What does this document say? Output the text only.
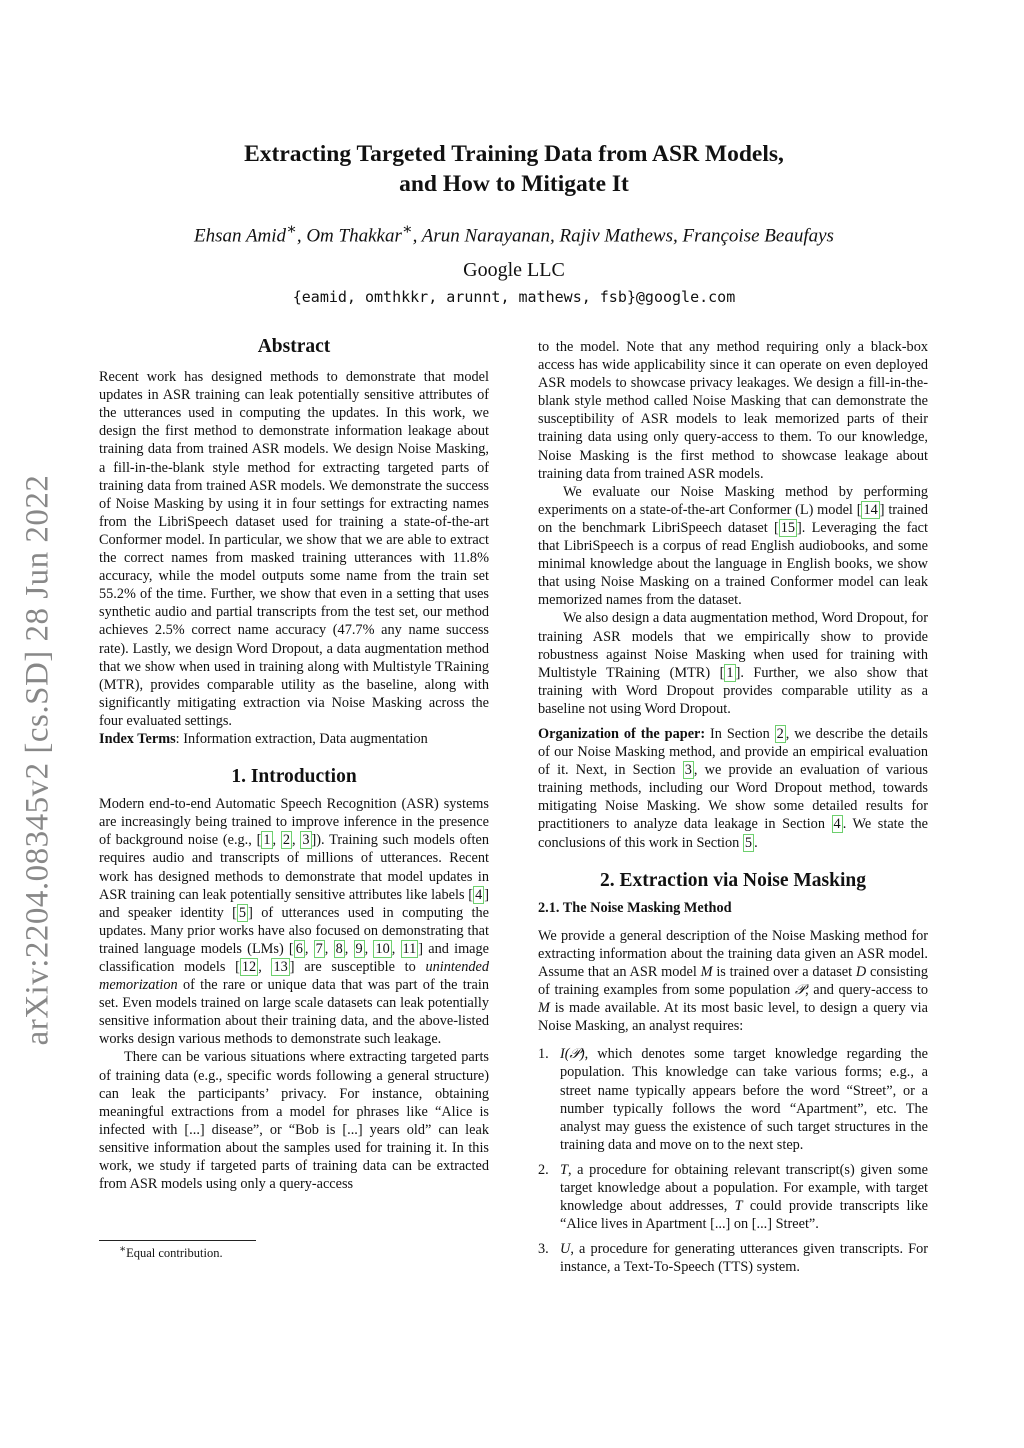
arXiv:2204.08345v2 [cs.SD] 28 Jun 2022
Extracting Targeted Training Data from ASR Models,
and How to Mitigate It
Ehsan Amid∗, Om Thakkar∗, Arun Narayanan, Rajiv Mathews, Françoise Beaufays
Google LLC
{eamid, omthkkr, arunnt, mathews, fsb}@google.com
Abstract

Recent work has designed methods to demonstrate that model updates in ASR training can leak potentially sensitive attributes of the utterances used in computing the updates. In this work, we design the first method to demonstrate information leakage about training data from trained ASR models. We design Noise Masking, a fill-in-the-blank style method for extracting targeted parts of training data from trained ASR models. We demonstrate the success of Noise Masking by using it in four settings for extracting names from the LibriSpeech dataset used for training a state-of-the-art Conformer model. In particular, we show that we are able to extract the correct names from masked training utterances with 11.8% accuracy, while the model outputs some name from the train set 55.2% of the time. Further, we show that even in a setting that uses synthetic audio and partial transcripts from the test set, our method achieves 2.5% correct name accuracy (47.7% any name success rate). Lastly, we design Word Dropout, a data augmentation method that we show when used in training along with Multistyle TRaining (MTR), provides comparable utility as the baseline, along with significantly mitigating extraction via Noise Masking across the four evaluated settings.

Index Terms: Information extraction, Data augmentation

1. Introduction

Modern end-to-end Automatic Speech Recognition (ASR) systems are increasingly being trained to improve inference in the presence of background noise (e.g., [ 1 , 2 , 3 ]). Training such models often requires audio and transcripts of millions of utterances. Recent work has designed methods to demonstrate that model updates in ASR training can leak potentially sensitive attributes like labels [ 4 ] and speaker identity [ 5 ] of utterances used in computing the updates. Many prior works have also focused on demonstrating that trained language models (LMs) [ 6 , 7 , 8 , 9 , 10 , 11 ] and image classification models [ 12 , 13 ] are susceptible to unintended memorization of the rare or unique data that was part of the train set. Even models trained on large scale datasets can leak potentially sensitive information about their training data, and the above-listed works design various methods to demonstrate such leakage.

There can be various situations where extracting targeted parts of training data (e.g., specific words following a general structure) can leak the participants’ privacy. For instance, obtaining meaningful extractions from a model for phrases like “Alice is infected with [...] disease”, or “Bob is [...] years old” can leak sensitive information about the samples used for training it. In this work, we study if targeted parts of training data can be extracted from ASR models using only a query-access

∗Equal contribution.

to the model. Note that any method requiring only a black-box access has wide applicability since it can operate on even deployed ASR models to showcase privacy leakages. We design a fill-in-the-blank style method called Noise Masking that can demonstrate the susceptibility of ASR models to leak memorized parts of their training data using only query-access to them. To our knowledge, Noise Masking is the first method to showcase leakage about training data from trained ASR models.

We evaluate our Noise Masking method by performing experiments on a state-of-the-art Conformer (L) model [ 14 ] trained on the benchmark LibriSpeech dataset [ 15 ]. Leveraging the fact that LibriSpeech is a corpus of read English audiobooks, and some minimal knowledge about the language in English books, we show that using Noise Masking on a trained Conformer model can leak memorized names from the dataset.

We also design a data augmentation method, Word Dropout, for training ASR models that we empirically show to provide robustness against Noise Masking when used for training with Multistyle TRaining (MTR) [ 1 ]. Further, we also show that training with Word Dropout provides comparable utility as a baseline not using Word Dropout.

Organization of the paper: In Section 2 , we describe the details of our Noise Masking method, and provide an empirical evaluation of it. Next, in Section 3 , we provide an evaluation of various training methods, including our Word Dropout method, towards mitigating Noise Masking. We show some detailed results for practitioners to analyze data leakage in Section 4 . We state the conclusions of this work in Section 5 .

2. Extraction via Noise Masking
2.1. The Noise Masking Method

We provide a general description of the Noise Masking method for extracting information about the training data given an ASR model. Assume that an ASR model M is trained over a dataset D consisting of training examples from some population 𝒫, and query-access to M is made available. At its most basic level, to design a query via Noise Masking, an analyst requires:

1. I(𝒫), which denotes some target knowledge regarding the population. This knowledge can take various forms; e.g., a street name typically appears before the word “Street”, or a number typically follows the word “Apartment”, etc. The analyst may guess the existence of such target structures in the training data and move on to the next step.
2. T, a procedure for obtaining relevant transcript(s) given some target knowledge about a population. For example, with target knowledge about addresses, T could provide transcripts like “Alice lives in Apartment [...] on [...] Street”.
3. U, a procedure for generating utterances given transcripts. For instance, a Text-To-Speech (TTS) system.
